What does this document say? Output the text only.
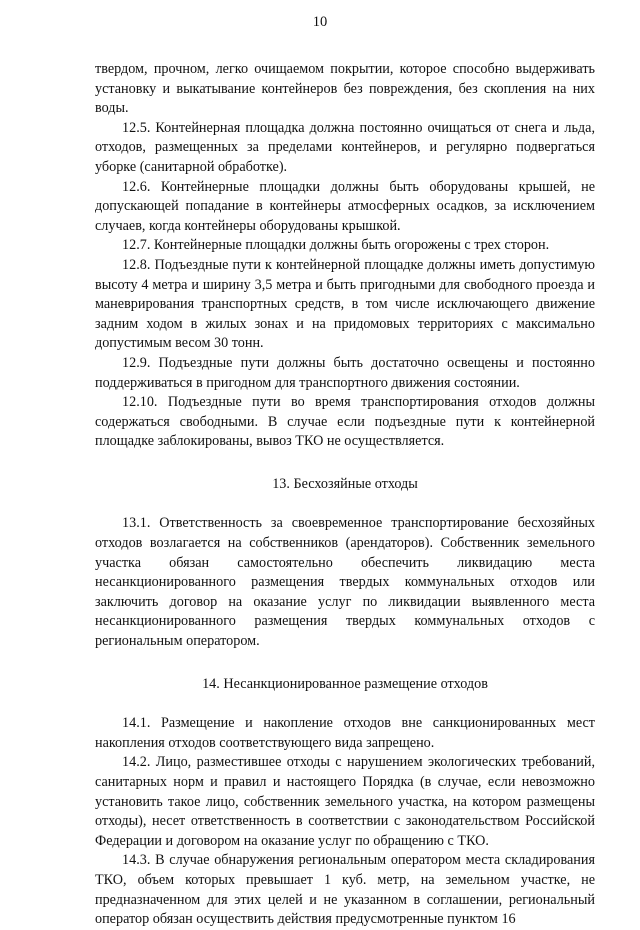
10

твердом, прочном, легко очищаемом покрытии, которое способно выдерживать установку и выкатывание контейнеров без повреждения, без скопления на них воды.

12.5. Контейнерная площадка должна постоянно очищаться от снега и льда, отходов, размещенных за пределами контейнеров, и регулярно подвергаться уборке (санитарной обработке).

12.6. Контейнерные площадки должны быть оборудованы крышей, не допускающей попадание в контейнеры атмосферных осадков, за исключением случаев, когда контейнеры оборудованы крышкой.

12.7. Контейнерные площадки должны быть огорожены с трех сторон.

12.8. Подъездные пути к контейнерной площадке должны иметь допустимую высоту 4 метра и ширину 3,5 метра и быть пригодными для свободного проезда и маневрирования транспортных средств, в том числе исключающего движение задним ходом в жилых зонах и на придомовых территориях с максимально допустимым весом 30 тонн.

12.9. Подъездные пути должны быть достаточно освещены и постоянно поддерживаться в пригодном для транспортного движения состоянии.

12.10. Подъездные пути во время транспортирования отходов должны содержаться свободными. В случае если подъездные пути к контейнерной площадке заблокированы, вывоз ТКО не осуществляется.

13. Бесхозяйные отходы

13.1. Ответственность за своевременное транспортирование бесхозяйных отходов возлагается на собственников (арендаторов). Собственник земельного участка обязан самостоятельно обеспечить ликвидацию места несанкционированного размещения твердых коммунальных отходов или заключить договор на оказание услуг по ликвидации выявленного места несанкционированного размещения твердых коммунальных отходов с региональным оператором.

14. Несанкционированное размещение отходов

14.1. Размещение и накопление отходов вне санкционированных мест накопления отходов соответствующего вида запрещено.

14.2. Лицо, разместившее отходы с нарушением экологических требований, санитарных норм и правил и настоящего Порядка (в случае, если невозможно установить такое лицо, собственник земельного участка, на котором размещены отходы), несет ответственность в соответствии с законодательством Российской Федерации и договором на оказание услуг по обращению с ТКО.

14.3. В случае обнаружения региональным оператором места складирования ТКО, объем которых превышает 1 куб. метр, на земельном участке, не предназначенном для этих целей и не указанном в соглашении, региональный оператор обязан осуществить действия предусмотренные пунктом 16
